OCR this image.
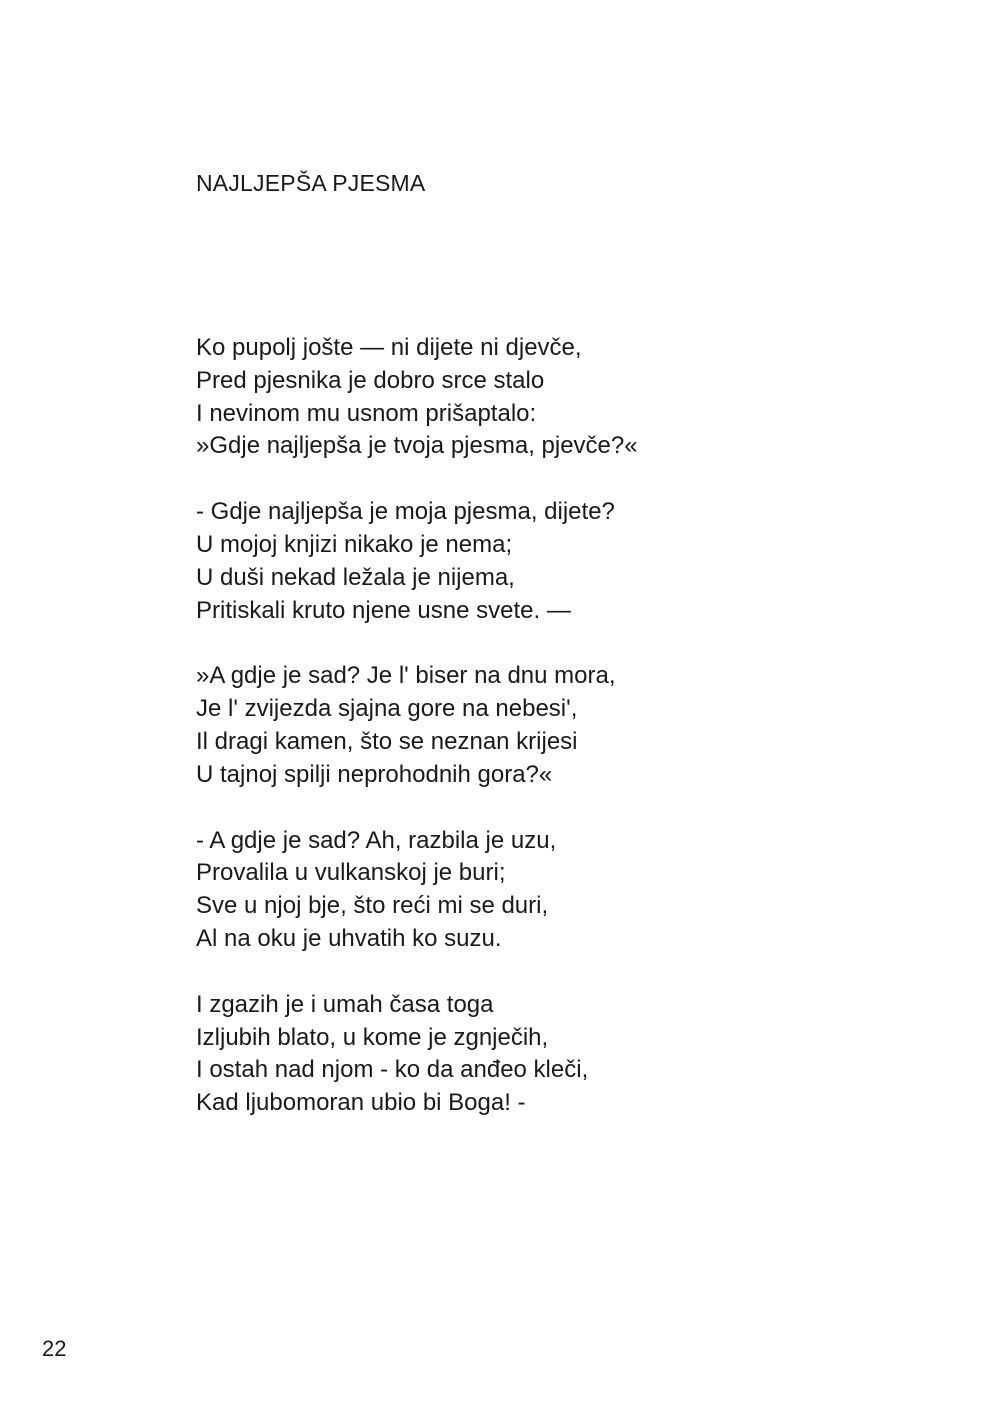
NAJLJEPŠA PJESMA
Ko pupolj jošte — ni dijete ni djevče,
Pred pjesnika je dobro srce stalo
I nevinom mu usnom prišaptalo:
»Gdje najljepša je tvoja pjesma, pjevče?«
- Gdje najljepša je moja pjesma, dijete?
U mojoj knjizi nikako je nema;
U duši nekad ležala je nijema,
Pritiskali kruto njene usne svete. —
»A gdje je sad? Je l' biser na dnu mora,
Je l' zvijezda sjajna gore na nebesi',
Il dragi kamen, što se neznan krijesi
U tajnoj spilji neprohodnih gora?«
- A gdje je sad? Ah, razbila je uzu,
Provalila u vulkanskoj je buri;
Sve u njoj bje, što reći mi se duri,
Al na oku je uhvatih ko suzu.
I zgazih je i umah časa toga
Izljubih blato, u kome je zgnječih,
I ostah nad njom - ko da anđeo kleči,
Kad ljubomoran ubio bi Boga! -
22
